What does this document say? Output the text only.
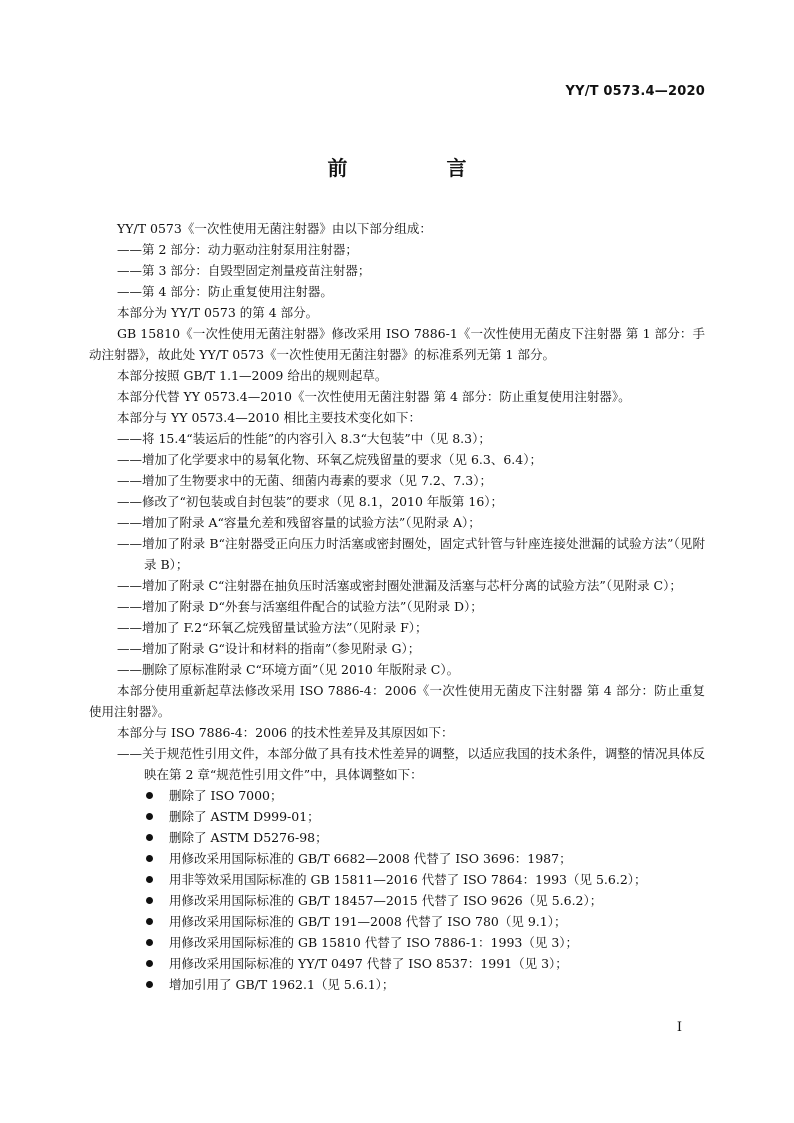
YY/T 0573.4—2020
前 言

YY/T 0573《一次性使用无菌注射器》由以下部分组成：

——第 2 部分：动力驱动注射泵用注射器；

——第 3 部分：自毁型固定剂量疫苗注射器；

——第 4 部分：防止重复使用注射器。

本部分为 YY/T 0573 的第 4 部分。

GB 15810《一次性使用无菌注射器》修改采用 ISO 7886-1《一次性使用无菌皮下注射器 第 1 部分：手动注射器》，故此处 YY/T 0573《一次性使用无菌注射器》的标准系列无第 1 部分。

本部分按照 GB/T 1.1—2009 给出的规则起草。

本部分代替 YY 0573.4—2010《一次性使用无菌注射器 第 4 部分：防止重复使用注射器》。

本部分与 YY 0573.4—2010 相比主要技术变化如下：

——将 15.4“装运后的性能”的内容引入 8.3“大包装”中（见 8.3）；

——增加了化学要求中的易氧化物、环氧乙烷残留量的要求（见 6.3、6.4）；

——增加了生物要求中的无菌、细菌内毒素的要求（见 7.2、7.3）；

——修改了“初包装或自封包装”的要求（见 8.1，2010 年版第 16）；

——增加了附录 A“容量允差和残留容量的试验方法”（见附录 A）；

——增加了附录 B“注射器受正向压力时活塞或密封圈处，固定式针管与针座连接处泄漏的试验方法”（见附录 B）；

——增加了附录 C“注射器在抽负压时活塞或密封圈处泄漏及活塞与芯杆分离的试验方法”（见附录 C）；

——增加了附录 D“外套与活塞组件配合的试验方法”（见附录 D）；

——增加了 F.2“环氧乙烷残留量试验方法”（见附录 F）；

——增加了附录 G“设计和材料的指南”（参见附录 G）；

——删除了原标准附录 C“环境方面”（见 2010 年版附录 C）。

本部分使用重新起草法修改采用 ISO 7886-4：2006《一次性使用无菌皮下注射器 第 4 部分：防止重复使用注射器》。

本部分与 ISO 7886-4：2006 的技术性差异及其原因如下：

——关于规范性引用文件，本部分做了具有技术性差异的调整，以适应我国的技术条件，调整的情况具体反映在第 2 章“规范性引用文件”中，具体调整如下：

删除了 ISO 7000；

删除了 ASTM D999-01；

删除了 ASTM D5276-98；

用修改采用国际标准的 GB/T 6682—2008 代替了 ISO 3696：1987；

用非等效采用国际标准的 GB 15811—2016 代替了 ISO 7864：1993（见 5.6.2）；

用修改采用国际标准的 GB/T 18457—2015 代替了 ISO 9626（见 5.6.2）；

用修改采用国际标准的 GB/T 191—2008 代替了 ISO 780（见 9.1）；

用修改采用国际标准的 GB 15810 代替了 ISO 7886-1：1993（见 3）；

用修改采用国际标准的 YY/T 0497 代替了 ISO 8537：1991（见 3）；

增加引用了 GB/T 1962.1（见 5.6.1）；

I
